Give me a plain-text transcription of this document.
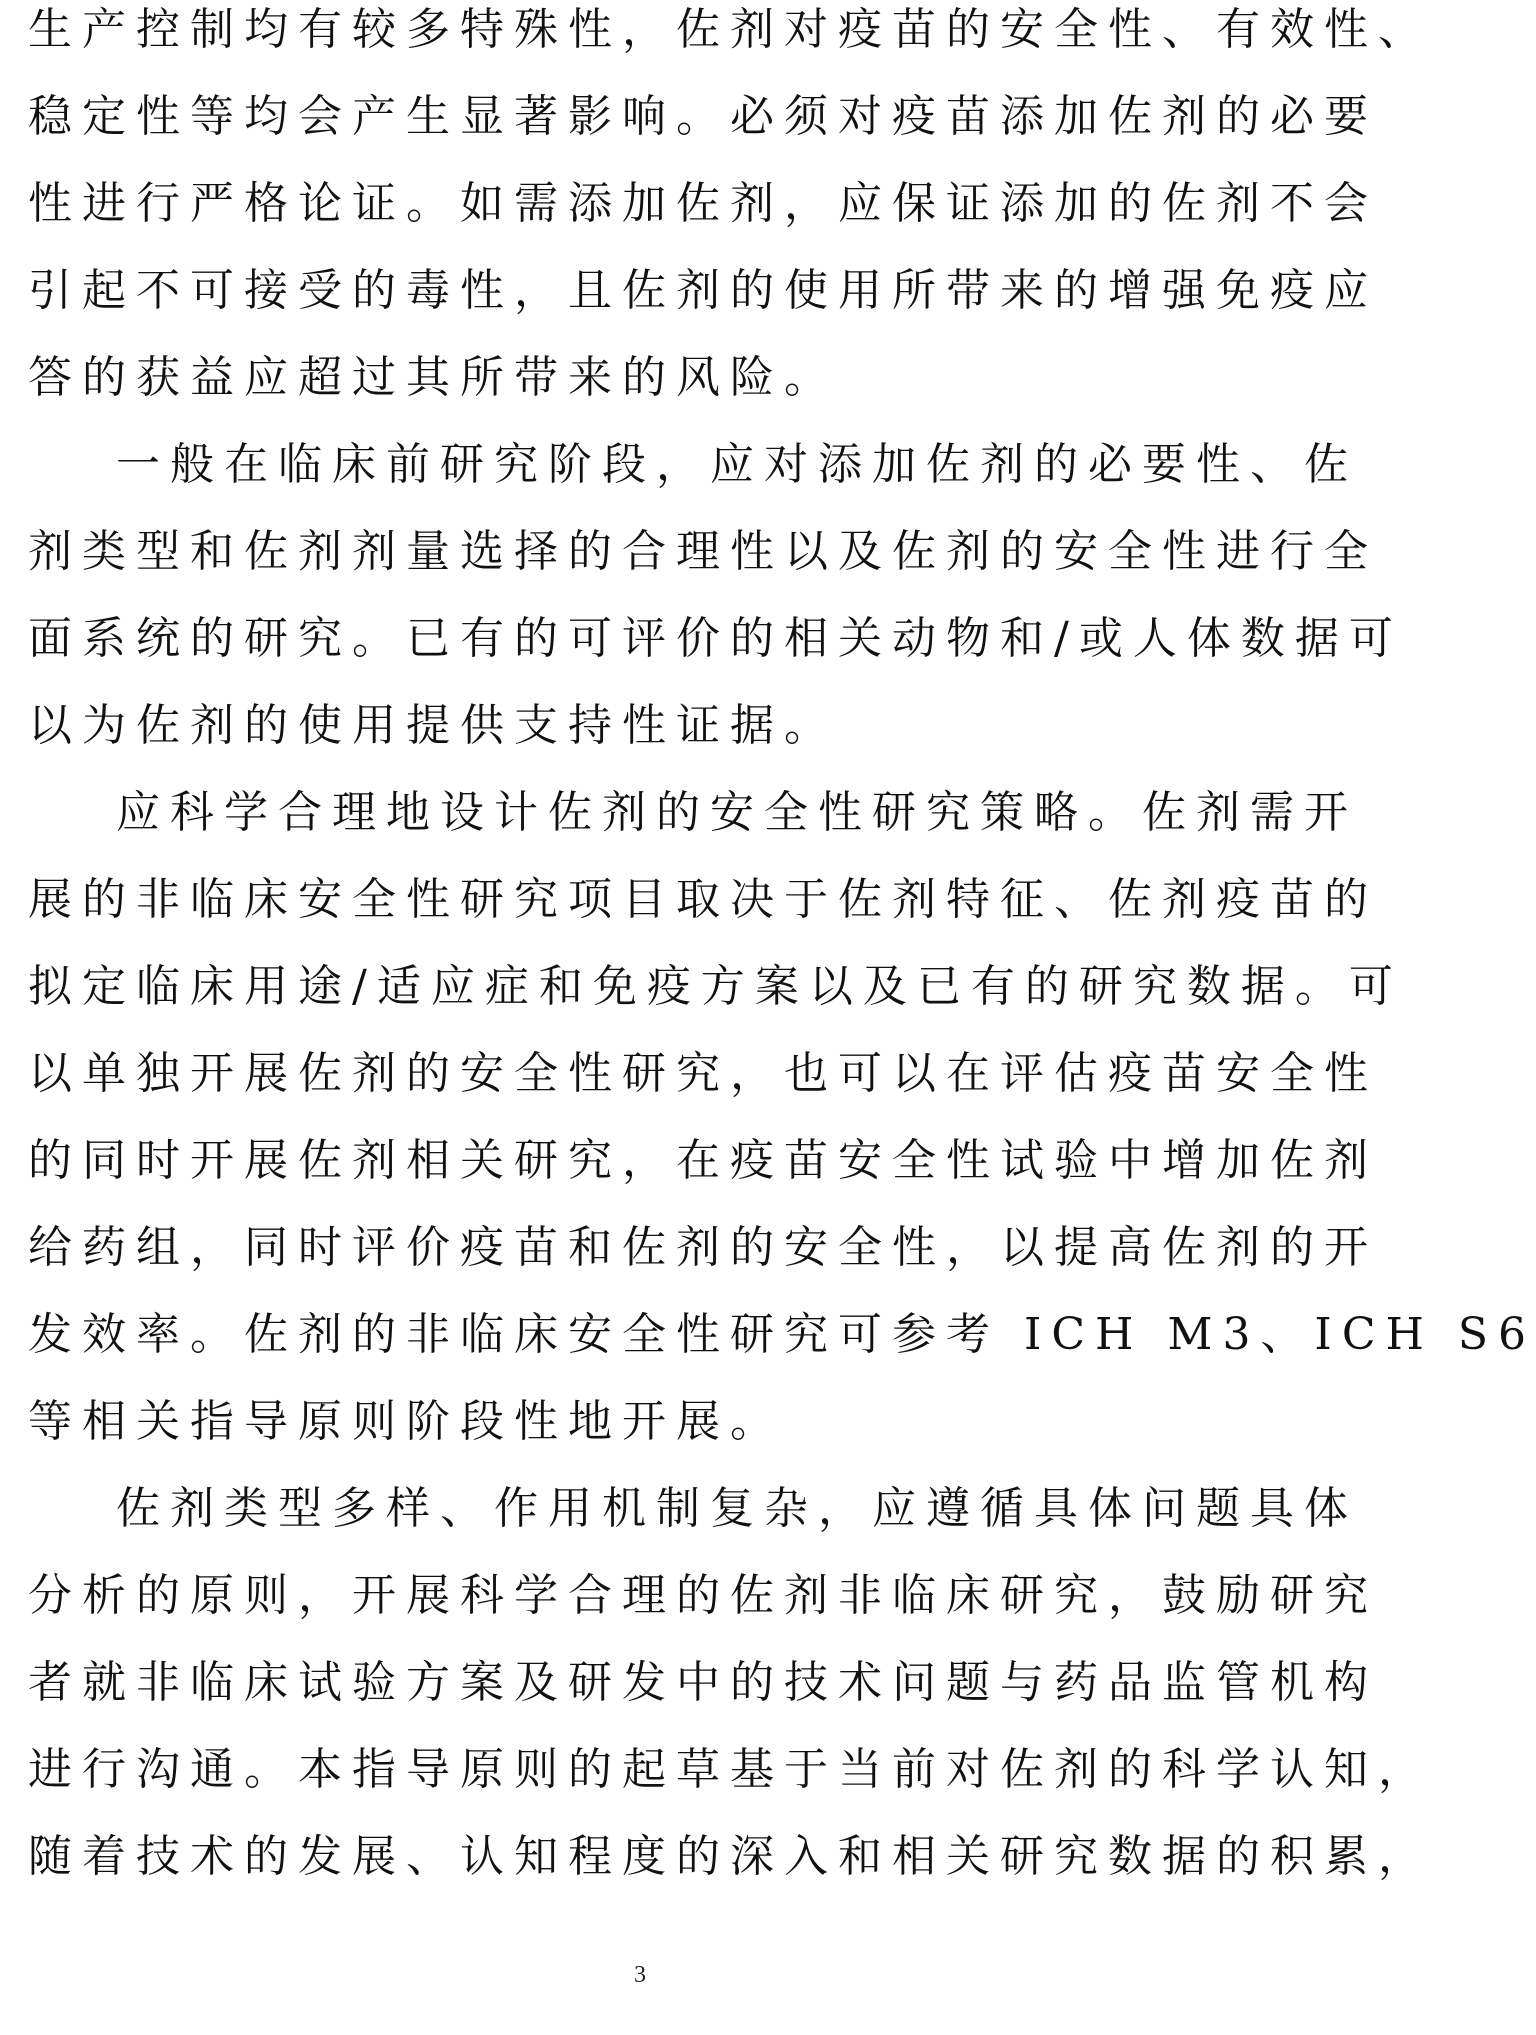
生产控制均有较多特殊性，佐剂对疫苗的安全性、有效性、
稳定性等均会产生显著影响。必须对疫苗添加佐剂的必要
性进行严格论证。如需添加佐剂，应保证添加的佐剂不会
引起不可接受的毒性，且佐剂的使用所带来的增强免疫应
答的获益应超过其所带来的风险。
一般在临床前研究阶段，应对添加佐剂的必要性、佐
剂类型和佐剂剂量选择的合理性以及佐剂的安全性进行全
面系统的研究。已有的可评价的相关动物和/或人体数据可
以为佐剂的使用提供支持性证据。
应科学合理地设计佐剂的安全性研究策略。佐剂需开
展的非临床安全性研究项目取决于佐剂特征、佐剂疫苗的
拟定临床用途/适应症和免疫方案以及已有的研究数据。可
以单独开展佐剂的安全性研究，也可以在评估疫苗安全性
的同时开展佐剂相关研究，在疫苗安全性试验中增加佐剂
给药组，同时评价疫苗和佐剂的安全性，以提高佐剂的开
发效率。佐剂的非临床安全性研究可参考 ICH M3、ICH S6
等相关指导原则阶段性地开展。
佐剂类型多样、作用机制复杂，应遵循具体问题具体
分析的原则，开展科学合理的佐剂非临床研究，鼓励研究
者就非临床试验方案及研发中的技术问题与药品监管机构
进行沟通。本指导原则的起草基于当前对佐剂的科学认知，
随着技术的发展、认知程度的深入和相关研究数据的积累，
3
